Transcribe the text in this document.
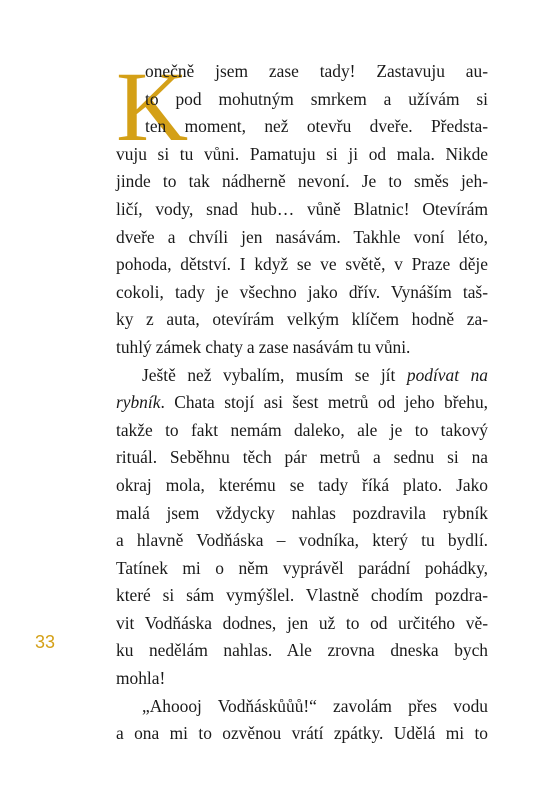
K
onečně jsem zase tady! Zastavuju au-
to pod mohutným smrkem a užívám si
ten moment, než otevřu dveře. Předsta-
vuju si tu vůni. Pamatuju si ji od mala. Nikde
jinde to tak nádherně nevoní. Je to směs jeh-
ličí, vody, snad hub… vůně Blatnic! Otevírám
dveře a chvíli jen nasávám. Takhle voní léto,
pohoda, dětství. I když se ve světě, v Praze děje
cokoli, tady je všechno jako dřív. Vynáším taš-
ky z auta, otevírám velkým klíčem hodně za-
tuhlý zámek chaty a zase nasávám tu vůni.
Ještě než vybalím, musím se jít podívat na
rybník. Chata stojí asi šest metrů od jeho břehu,
takže to fakt nemám daleko, ale je to takový
rituál. Seběhnu těch pár metrů a sednu si na
okraj mola, kterému se tady říká plato. Jako
malá jsem vždycky nahlas pozdravila rybník
a hlavně Vodňáska – vodníka, který tu bydlí.
Tatínek mi o něm vyprávěl parádní pohádky,
které si sám vymýšlel. Vlastně chodím pozdra-
vit Vodňáska dodnes, jen už to od určitého vě-
ku nedělám nahlas. Ale zrovna dneska bych
mohla!
„Ahoooj Vodňáskůůů!“ zavolám přes vodu
a ona mi to ozvěnou vrátí zpátky. Udělá mi to
33
